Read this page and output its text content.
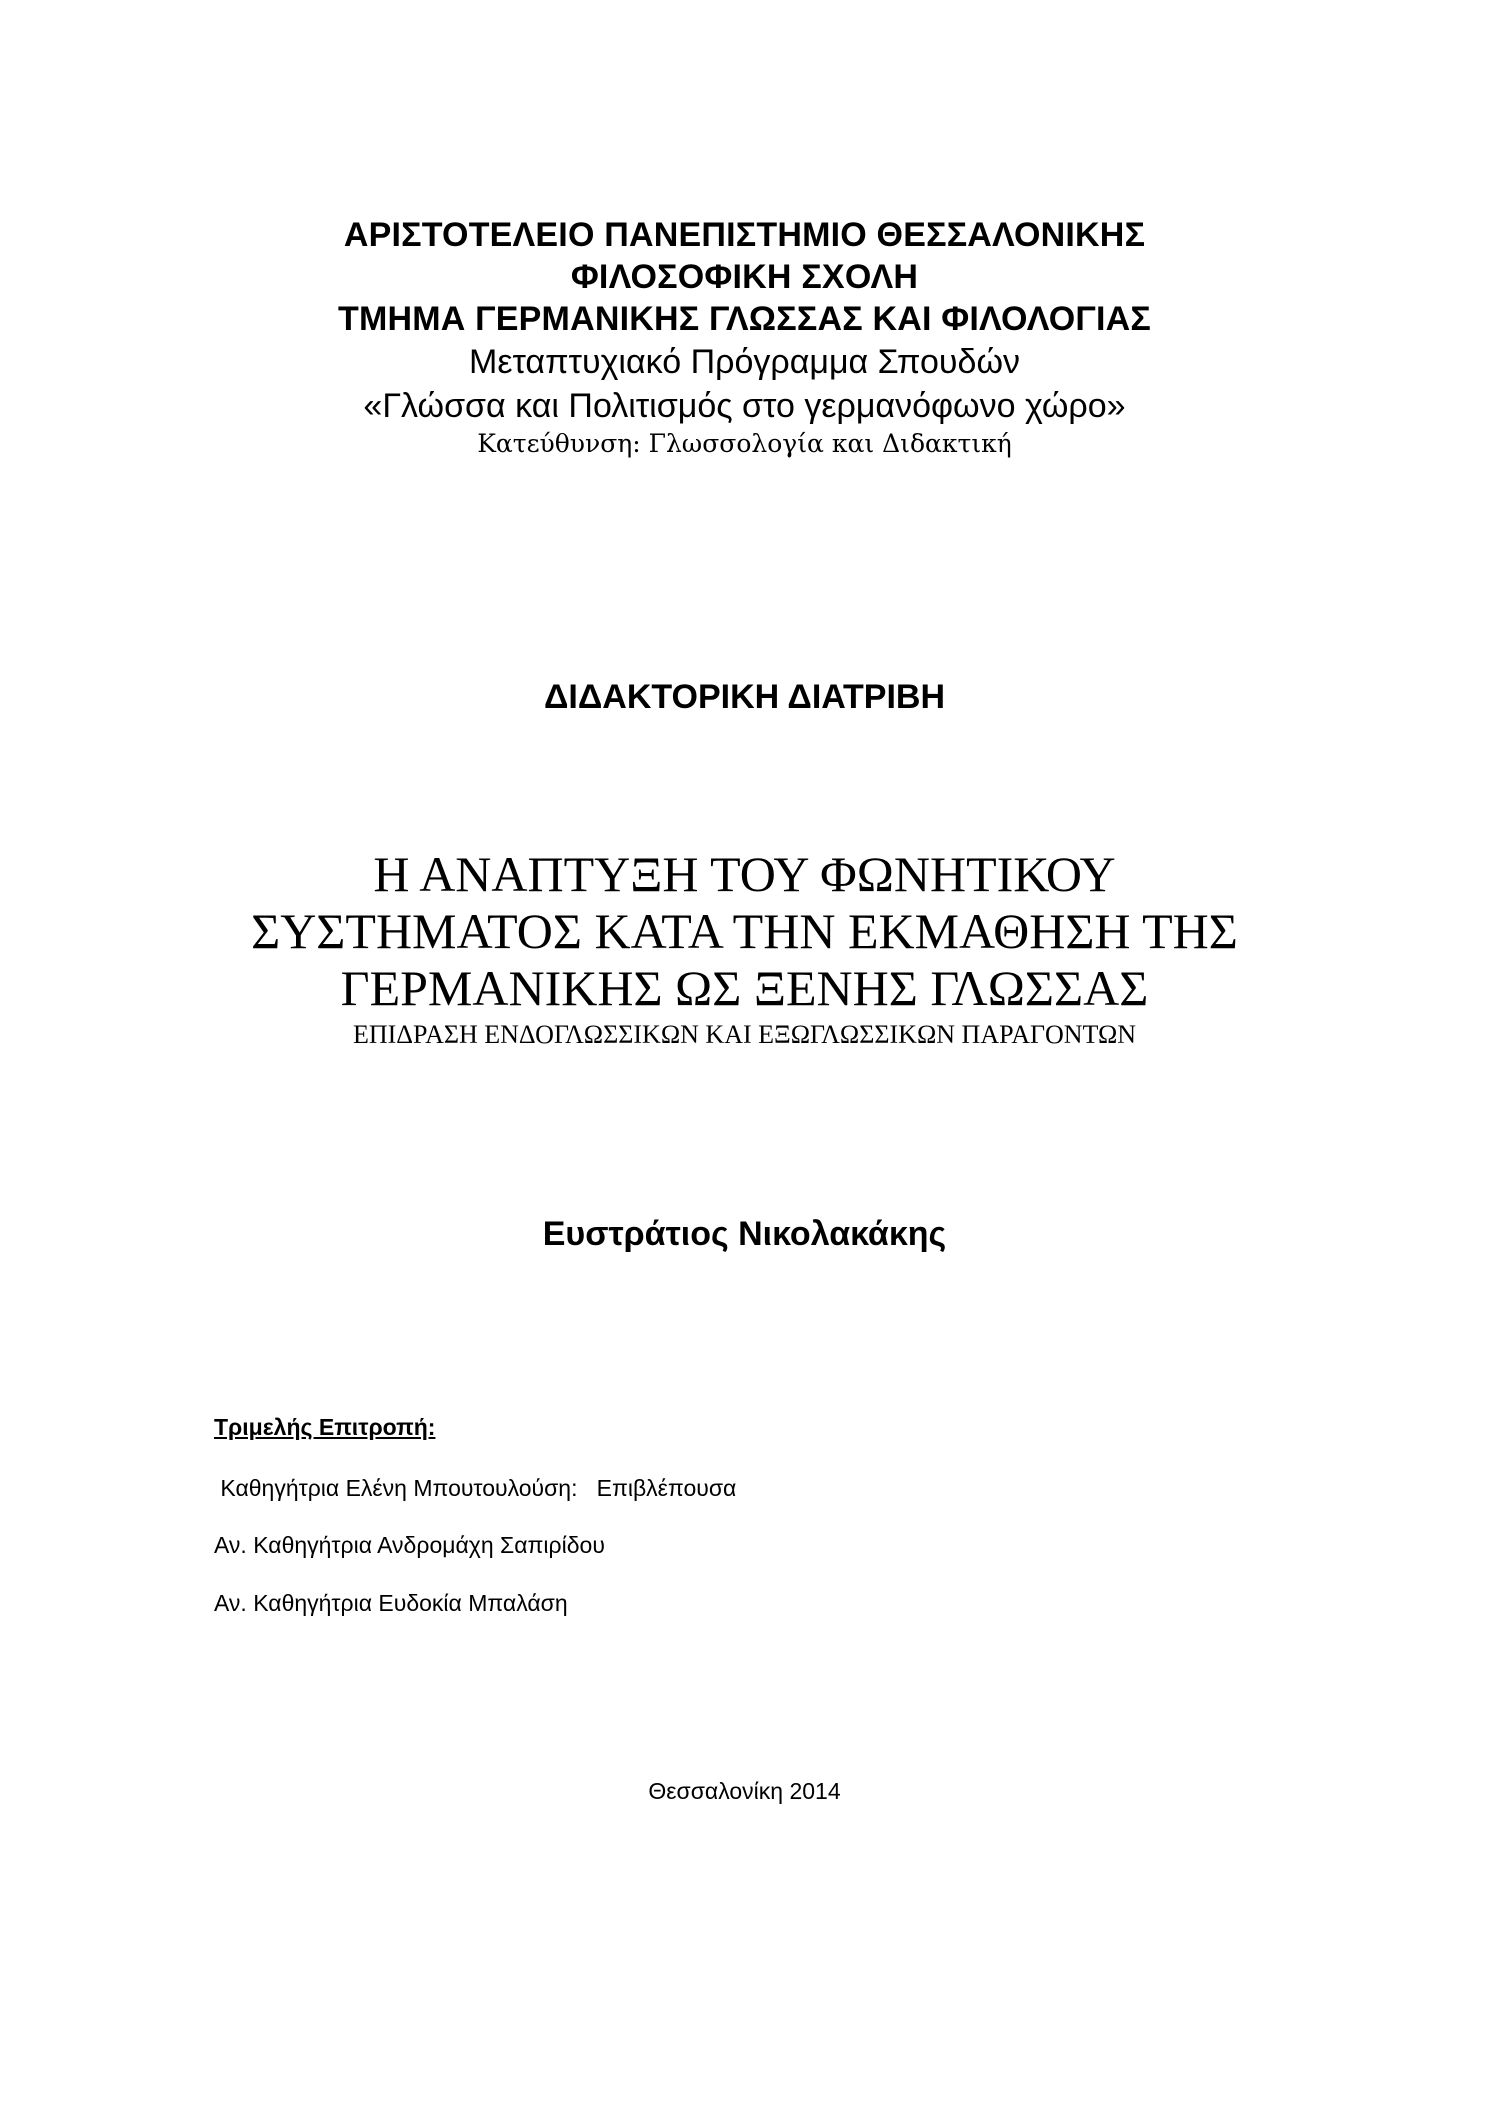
ΑΡΙΣΤΟΤΕΛΕΙΟ ΠΑΝΕΠΙΣΤΗΜΙΟ ΘΕΣΣΑΛΟΝΙΚΗΣ
ΦΙΛΟΣΟΦΙΚΗ ΣΧΟΛΗ
ΤΜΗΜΑ ΓΕΡΜΑΝΙΚΗΣ ΓΛΩΣΣΑΣ ΚΑΙ ΦΙΛΟΛΟΓΙΑΣ
Μεταπτυχιακό Πρόγραμμα Σπουδών
«Γλώσσα και Πολιτισμός στο γερμανόφωνο χώρο»
Κατεύθυνση: Γλωσσολογία και Διδακτική
ΔΙΔΑΚΤΟΡΙΚΗ ΔΙΑΤΡΙΒΗ
Η ΑΝΑΠΤΥΞΗ ΤΟΥ ΦΩΝΗΤΙΚΟΥ
ΣΥΣΤΗΜΑΤΟΣ ΚΑΤΑ ΤΗΝ ΕΚΜΑΘΗΣΗ ΤΗΣ
ΓΕΡΜΑΝΙΚΗΣ ΩΣ ΞΕΝΗΣ ΓΛΩΣΣΑΣ
ΕΠΙΔΡΑΣΗ ΕΝΔΟΓΛΩΣΣΙΚΩΝ ΚΑΙ ΕΞΩΓΛΩΣΣΙΚΩΝ ΠΑΡΑΓΟΝΤΩΝ
Ευστράτιος Νικολακάκης
Τριμελής Επιτροπή:
Καθηγήτρια Ελένη Μπουτουλούση:   Επιβλέπουσα
Αν. Καθηγήτρια Ανδρομάχη Σαπιρίδου
Αν. Καθηγήτρια Ευδοκία Μπαλάση
Θεσσαλονίκη 2014
